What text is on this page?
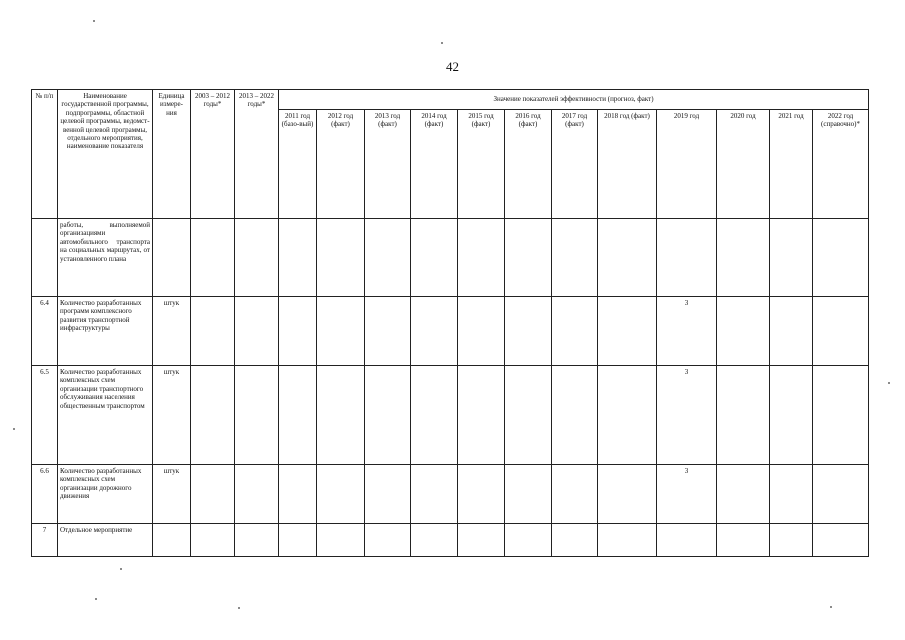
42
№ п/п	Наименование государственной программы, подпрограммы, областной целевой программы, ведомст-венной целевой программы, отдельного мероприятия, наименование показателя	Единица измере-ния	2003 – 2012 годы*	2013 – 2022 годы*	Значение показателей эффективности (прогноз, факт)											
					2011 год (базо-вый)	2012 год (факт)	2013 год (факт)	2014 год (факт)	2015 год (факт)	2016 год (факт)	2017 год (факт)	2018 год (факт)	2019 год	2020 год	2021 год	2022 год (справочно)*
	работы, выполняемой организациями автомобильного транспорта на социальных маршрутах, от установленного плана															
6.4	Количество разработанных программ комплексного развития транспортной инфраструктуры	штук											3			
6.5	Количество разработанных комплексных схем организации транспортного обслуживания населения общественным транспортом	штук											3			
6.6	Количество разработанных комплексных схем организации дорожного движения	штук											3			
7	Отдельное мероприятие															
